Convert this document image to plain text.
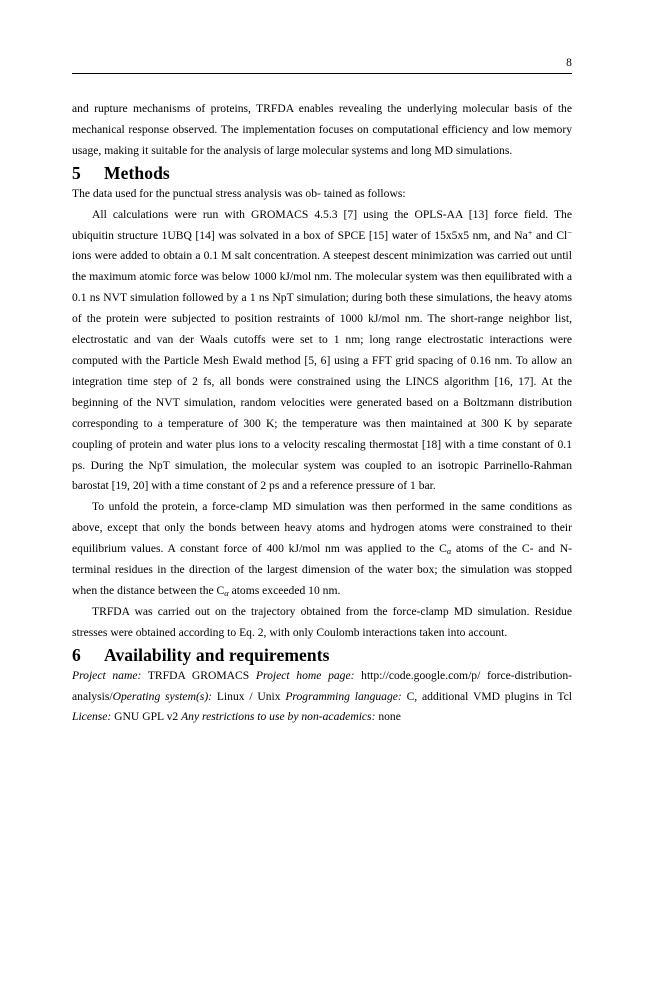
8

and rupture mechanisms of proteins, TRFDA enables revealing the underlying molecular basis of the mechanical response observed. The implementation focuses on computational efficiency and low memory usage, making it suitable for the analysis of large molecular systems and long MD simulations.

5 Methods

The data used for the punctual stress analysis was ob- tained as follows:

All calculations were run with GROMACS 4.5.3 [7] using the OPLS-AA [13] force field. The ubiquitin structure 1UBQ [14] was solvated in a box of SPCE [15] water of 15x5x5 nm, and Na+ and Cl− ions were added to obtain a 0.1 M salt concentration. A steepest descent minimization was carried out until the maximum atomic force was below 1000 kJ/mol nm. The molecular system was then equilibrated with a 0.1 ns NVT simulation followed by a 1 ns NpT simulation; during both these simulations, the heavy atoms of the protein were subjected to position restraints of 1000 kJ/mol nm. The short-range neighbor list, electrostatic and van der Waals cutoffs were set to 1 nm; long range electrostatic interactions were computed with the Particle Mesh Ewald method [5, 6] using a FFT grid spacing of 0.16 nm. To allow an integration time step of 2 fs, all bonds were constrained using the LINCS algorithm [16, 17]. At the beginning of the NVT simulation, random velocities were generated based on a Boltzmann distribution corresponding to a temperature of 300 K; the temperature was then maintained at 300 K by separate coupling of protein and water plus ions to a velocity rescaling thermostat [18] with a time constant of 0.1 ps. During the NpT simulation, the molecular system was coupled to an isotropic Parrinello-Rahman barostat [19, 20] with a time constant of 2 ps and a reference pressure of 1 bar.

To unfold the protein, a force-clamp MD simulation was then performed in the same conditions as above, except that only the bonds between heavy atoms and hydrogen atoms were constrained to their equilibrium values. A constant force of 400 kJ/mol nm was applied to the $C_\alpha$ atoms of the C- and N-terminal residues in the direction of the largest dimension of the water box; the simulation was stopped when the distance between the $C_\alpha$ atoms exceeded 10 nm.

TRFDA was carried out on the trajectory obtained from the force-clamp MD simulation. Residue stresses were obtained according to Eq. 2, with only Coulomb interactions taken into account.

6 Availability and requirements

Project name: TRFDA GROMACS Project home page: http://code.google.com/p/ force-distribution-analysis/Operating system(s): Linux / Unix Programming language: C, additional VMD plugins in Tcl License: GNU GPL v2 Any restrictions to use by non-academics: none
